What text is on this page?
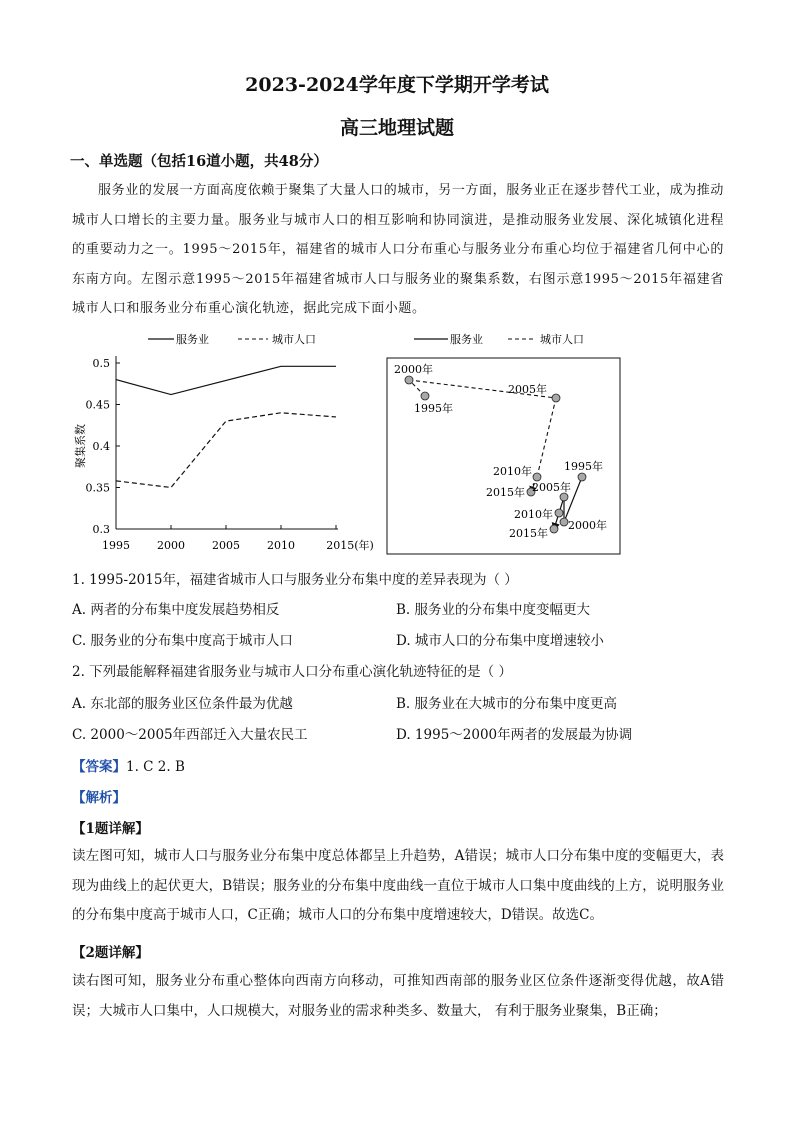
2023-2024学年度下学期开学考试
高三地理试题
一、单选题（包括16道小题，共48分）

服务业的发展一方面高度依赖于聚集了大量人口的城市，另一方面，服务业正在逐步替代工业，成为推动城市人口增长的主要力量。服务业与城市人口的相互影响和协同演进，是推动服务业发展、深化城镇化进程的重要动力之一。1995～2015年，福建省的城市人口分布重心与服务业分布重心均位于福建省几何中心的东南方向。左图示意1995～2015年福建省城市人口与服务业的聚集系数，右图示意1995～2015年福建省城市人口和服务业分布重心演化轨迹，据此完成下面小题。

服务业	城市人口
0.5
0.45
0.4
0.35
0.3
1995 2000 2005 2010	2015(年)
聚集系数
服务业	城市人口
1995年
2000年
2005年
2010年
2015年
1995年
2000年
2005年
2010年
2015年
1. 1995-2015年，福建省城市人口与服务业分布集中度的差异表现为（ ）
A. 两者的分布集中度发展趋势相反	B. 服务业的分布集中度变幅更大
C. 服务业的分布集中度高于城市人口	D. 城市人口的分布集中度增速较小
2. 下列最能解释福建省服务业与城市人口分布重心演化轨迹特征的是（ ）
A. 东北部的服务业区位条件最为优越	B. 服务业在大城市的分布集中度更高
C. 2000～2005年西部迁入大量农民工	D. 1995～2000年两者的发展最为协调
【答案】1. C 2. B
【解析】
【1题详解】

读左图可知，城市人口与服务业分布集中度总体都呈上升趋势，A错误；城市人口分布集中度的变幅更大，表现为曲线上的起伏更大，B错误；服务业的分布集中度曲线一直位于城市人口集中度曲线的上方，说明服务业的分布集中度高于城市人口，C正确；城市人口的分布集中度增速较大，D错误。故选C。

【2题详解】

读右图可知，服务业分布重心整体向西南方向移动，可推知西南部的服务业区位条件逐渐变得优越，故A错误；大城市人口集中，人口规模大，对服务业的需求种类多、数量大， 有利于服务业聚集，B正确；
